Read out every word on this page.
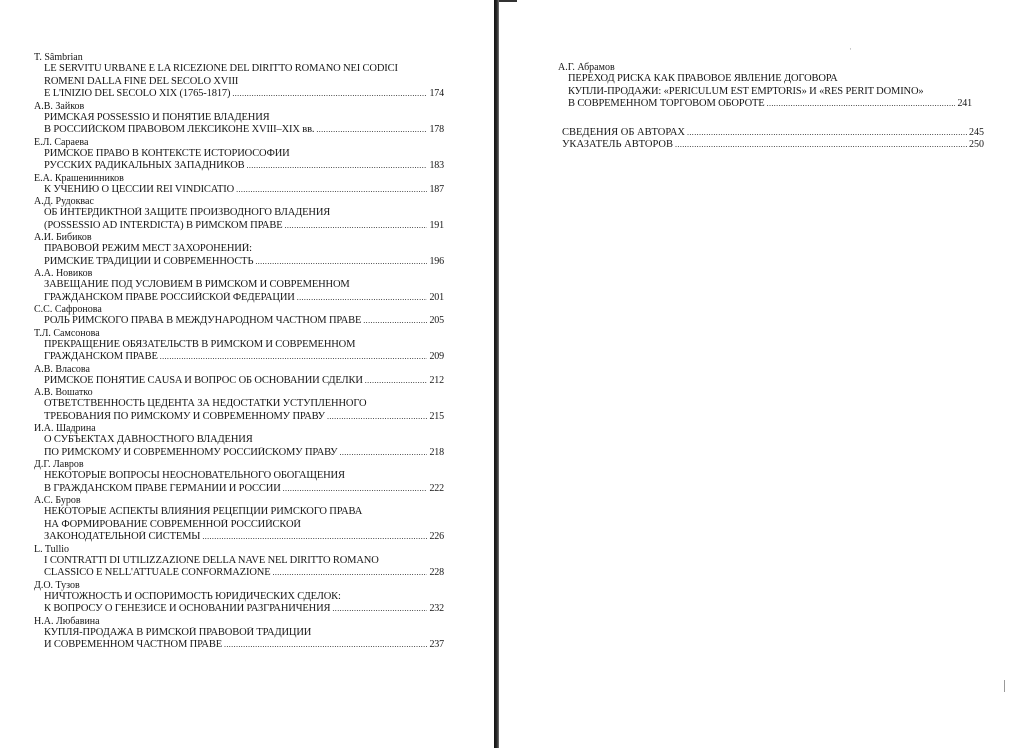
T. Sâmbrian
LE SERVITÙ URBANE E LA RICEZIONE DEL DIRITTO ROMANO NEI CODICI
ROMENI DALLA FINE DEL SECOLO XVIII
E L'INIZIO DEL SECOLO XIX (1765-1817) .....	174
А.В. Зайков
РИМСКАЯ POSSESSIO И ПОНЯТИЕ ВЛАДЕНИЯ
В РОССИЙСКОМ ПРАВОВОМ ЛЕКСИКОНЕ XVIII–XIX вв. .....	178
Е.Л. Сараева
РИМСКОЕ ПРАВО В КОНТЕКСТЕ ИСТОРИОСОФИИ
РУССКИХ РАДИКАЛЬНЫХ ЗАПАДНИКОВ .....	183
Е.А. Крашенинников
К УЧЕНИЮ О ЦЕССИИ REI VINDICATIO .....	187
А.Д. Рудоквас
ОБ ИНТЕРДИКТНОЙ ЗАЩИТЕ ПРОИЗВОДНОГО ВЛАДЕНИЯ
(POSSESSIO AD INTERDICTA) В РИМСКОМ ПРАВЕ .....	191
А.И. Бибиков
ПРАВОВОЙ РЕЖИМ МЕСТ ЗАХОРОНЕНИЙ:
РИМСКИЕ ТРАДИЦИИ И СОВРЕМЕННОСТЬ .....	196
А.А. Новиков
ЗАВЕЩАНИЕ ПОД УСЛОВИЕМ В РИМСКОМ И СОВРЕМЕННОМ
ГРАЖДАНСКОМ ПРАВЕ РОССИЙСКОЙ ФЕДЕРАЦИИ .....	201
С.С. Сафронова
РОЛЬ РИМСКОГО ПРАВА В МЕЖДУНАРОДНОМ ЧАСТНОМ ПРАВЕ .....	205
Т.Л. Самсонова
ПРЕКРАЩЕНИЕ ОБЯЗАТЕЛЬСТВ В РИМСКОМ И СОВРЕМЕННОМ
ГРАЖДАНСКОМ ПРАВЕ .....	209
А.В. Власова
РИМСКОЕ ПОНЯТИЕ CAUSA И ВОПРОС ОБ ОСНОВАНИИ СДЕЛКИ .....	212
А.В. Вошатко
ОТВЕТСТВЕННОСТЬ ЦЕДЕНТА ЗА НЕДОСТАТКИ УСТУПЛЕННОГО
ТРЕБОВАНИЯ ПО РИМСКОМУ И СОВРЕМЕННОМУ ПРАВУ .....	215
И.А. Шадрина
О СУБЪЕКТАХ ДАВНОСТНОГО ВЛАДЕНИЯ
ПО РИМСКОМУ И СОВРЕМЕННОМУ РОССИЙСКОМУ ПРАВУ .....	218
Д.Г. Лавров
НЕКОТОРЫЕ ВОПРОСЫ НЕОСНОВАТЕЛЬНОГО ОБОГАЩЕНИЯ
В ГРАЖДАНСКОМ ПРАВЕ ГЕРМАНИИ И РОССИИ .....	222
А.С. Буров
НЕКОТОРЫЕ АСПЕКТЫ ВЛИЯНИЯ РЕЦЕПЦИИ РИМСКОГО ПРАВА
НА ФОРМИРОВАНИЕ СОВРЕМЕННОЙ РОССИЙСКОЙ
ЗАКОНОДАТЕЛЬНОЙ СИСТЕМЫ .....	226
L. Tullio
I CONTRATTI DI UTILIZZAZIONE DELLA NAVE NEL DIRITTO ROMANO
CLASSICO E NELL'ATTUALE CONFORMAZIONE .....	228
Д.О. Тузов
НИЧТОЖНОСТЬ И ОСПОРИМОСТЬ ЮРИДИЧЕСКИХ СДЕЛОК:
К ВОПРОСУ О ГЕНЕЗИСЕ И ОСНОВАНИИ РАЗГРАНИЧЕНИЯ .....	232
Н.А. Любавина
КУПЛЯ-ПРОДАЖА В РИМСКОЙ ПРАВОВОЙ ТРАДИЦИИ
И СОВРЕМЕННОМ ЧАСТНОМ ПРАВЕ .....	237
А.Г. Абрамов
ПЕРЕХОД РИСКА КАК ПРАВОВОЕ ЯВЛЕНИЕ ДОГОВОРА
КУПЛИ-ПРОДАЖИ: «PERICULUM EST EMPTORIS» И «RES PERIT DOMINO»
В СОВРЕМЕННОМ ТОРГОВОМ ОБОРОТЕ .....	241
СВЕДЕНИЯ ОБ АВТОРАХ .....	245
УКАЗАТЕЛЬ АВТОРОВ .....	250
·
